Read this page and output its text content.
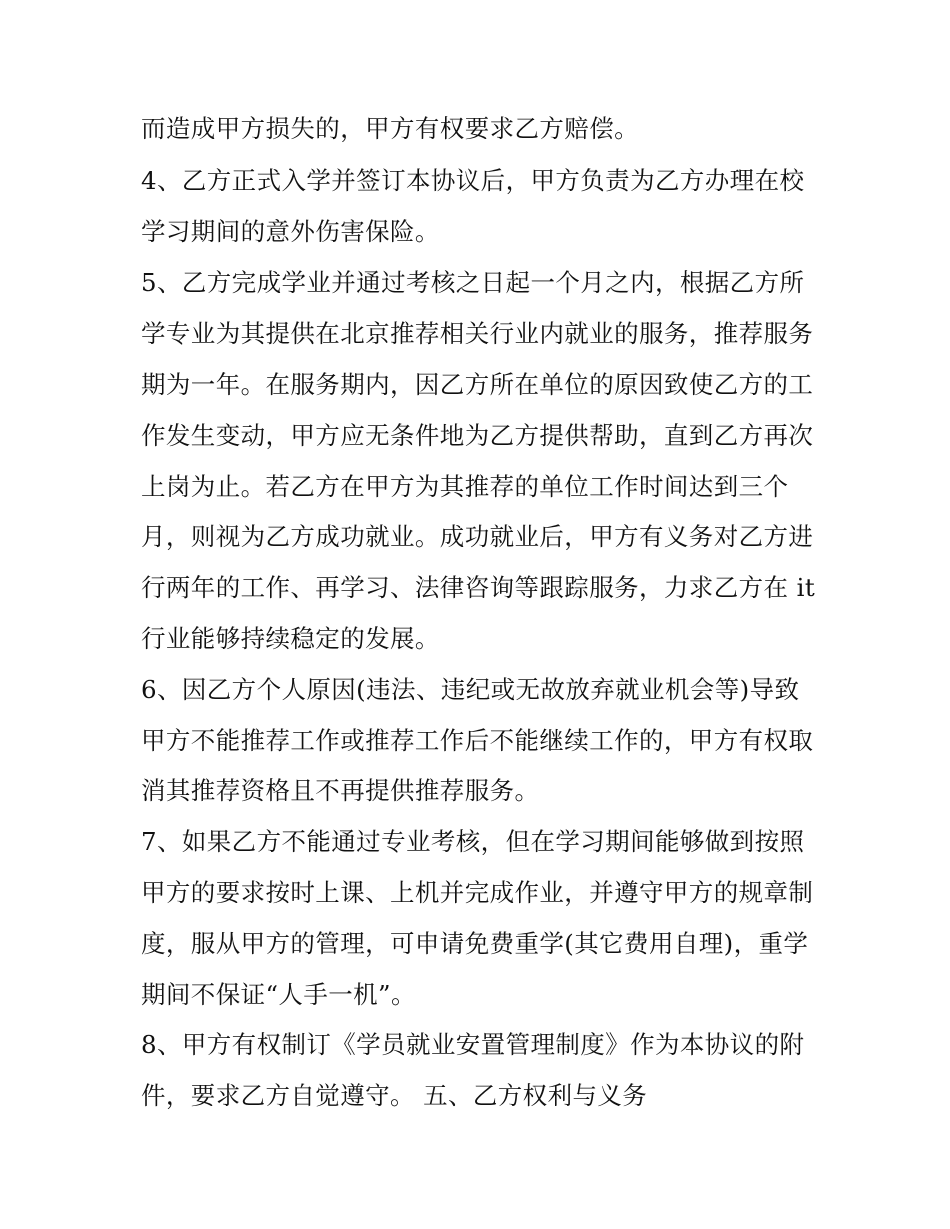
而造成甲方损失的，甲方有权要求乙方赔偿。
4、乙方正式入学并签订本协议后，甲方负责为乙方办理在校
学习期间的意外伤害保险。
5、乙方完成学业并通过考核之日起一个月之内，根据乙方所
学专业为其提供在北京推荐相关行业内就业的服务，推荐服务
期为一年。在服务期内，因乙方所在单位的原因致使乙方的工
作发生变动，甲方应无条件地为乙方提供帮助，直到乙方再次
上岗为止。若乙方在甲方为其推荐的单位工作时间达到三个
月，则视为乙方成功就业。成功就业后，甲方有义务对乙方进
行两年的工作、再学习、法律咨询等跟踪服务，力求乙方在 it
行业能够持续稳定的发展。
6、因乙方个人原因(违法、违纪或无故放弃就业机会等)导致
甲方不能推荐工作或推荐工作后不能继续工作的，甲方有权取
消其推荐资格且不再提供推荐服务。
7、如果乙方不能通过专业考核，但在学习期间能够做到按照
甲方的要求按时上课、上机并完成作业，并遵守甲方的规章制
度，服从甲方的管理，可申请免费重学(其它费用自理)，重学
期间不保证“人手一机”。
8、甲方有权制订《学员就业安置管理制度》作为本协议的附
件，要求乙方自觉遵守。 五、乙方权利与义务
